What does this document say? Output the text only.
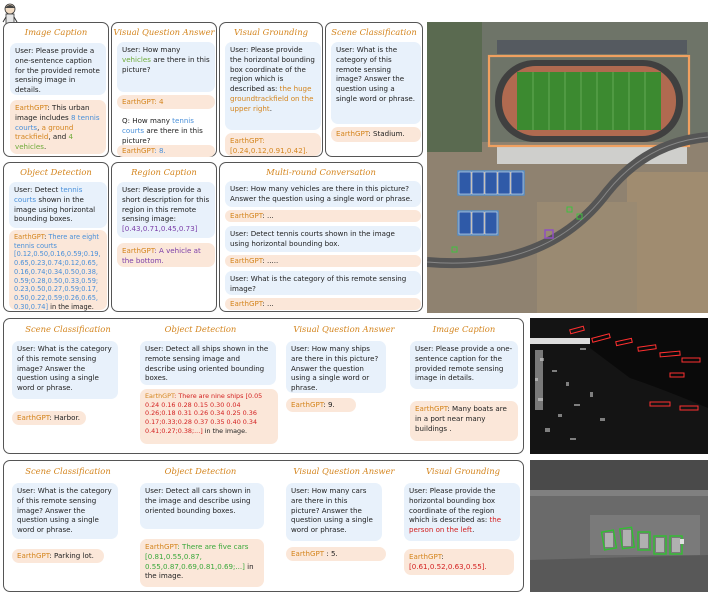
Image Caption
User: Please provide a one-sentence caption for the provided remote sensing image in details.
EarthGPT: This urban image includes 8 tennis courts, a ground trackfield, and 4 vehicles.
Visual Question Answer
User: How many vehicles are there in this picture?
EarthGPT: 4
Q: How many tennis courts are there in this picture?
EarthGPT: 8.
Visual Grounding
User: Please provide the horizontal bounding box coordinate of the region which is described as: the huge groundtrackfield on the upper right.
EarthGPT: [0.24,0.12,0.91,0.42].
Scene Classification
User: What is the category of this remote sensing image? Answer the question using a single word or phrase.
EarthGPT: Stadium.
Object Detection
User: Detect tennis courts shown in the image using horizontal bounding boxes.
EarthGPT: There are eight tennis courts [0.12,0.50,0.16,0.59;0.19, 0.65,0.23,0.74;0.12,0.65, 0.16,0.74;0.34,0.50,0.38, 0.59;0.28,0.50,0.33,0.59; 0.23,0.50,0.27,0.59;0.17, 0.50,0.22,0.59;0.26,0.65, 0.30,0.74] in the image.
Region Caption
User: Please provide a short description for this region in this remote sensing image: [0.43,0.71,0.45,0.73]
EarthGPT: A vehicle at the bottom.
Multi-round Conversation
User: How many vehicles are there in this picture? Answer the question using a single word or phrase.
EarthGPT: ...
User: Detect tennis courts shown in the image using horizontal bounding box.
EarthGPT: .....
User: What is the category of this remote sensing image?
EarthGPT: ...
Scene Classification
User: What is the category of this remote sensing image? Answer the question using a single word or phrase.
EarthGPT: Harbor.
Object Detection
User: Detect all ships shown in the remote sensing image and describe using oriented bounding boxes.
EarthGPT: There are nine ships [0.05 0.24 0.16 0.28 0.15 0.30 0.04 0.26;0.18 0.31 0.26 0.34 0.25 0.36 0.17;0.33;0.28 0.37 0.35 0.40 0.34 0.41;0.27;0.38;...] in the image.
Visual Question Answer
User: How many ships are there in this picture? Answer the question using a single word or phrase.
EarthGPT: 9.
Image Caption
User: Please provide a one-sentence caption for the provided remote sensing image in details.
EarthGPT: Many boats are in a port near many buildings .
Scene Classification
User: What is the category of this remote sensing image? Answer the question using a single word or phrase.
EarthGPT: Parking lot.
Object Detection
User: Detect all cars shown in the image and describe using oriented bounding boxes.
EarthGPT: There are five cars [0.81,0.55,0.87, 0.55,0.87,0.69,0.81,0.69;...] in the image.
Visual Question Answer
User: How many cars are there in this picture? Answer the question using a single word or phrase.
EarthGPT : 5.
Visual Grounding
User: Please provide the horizontal bounding box coordinate of the region which is described as: the person on the left.
EarthGPT:
[0.61,0.52,0.63,0.55].
